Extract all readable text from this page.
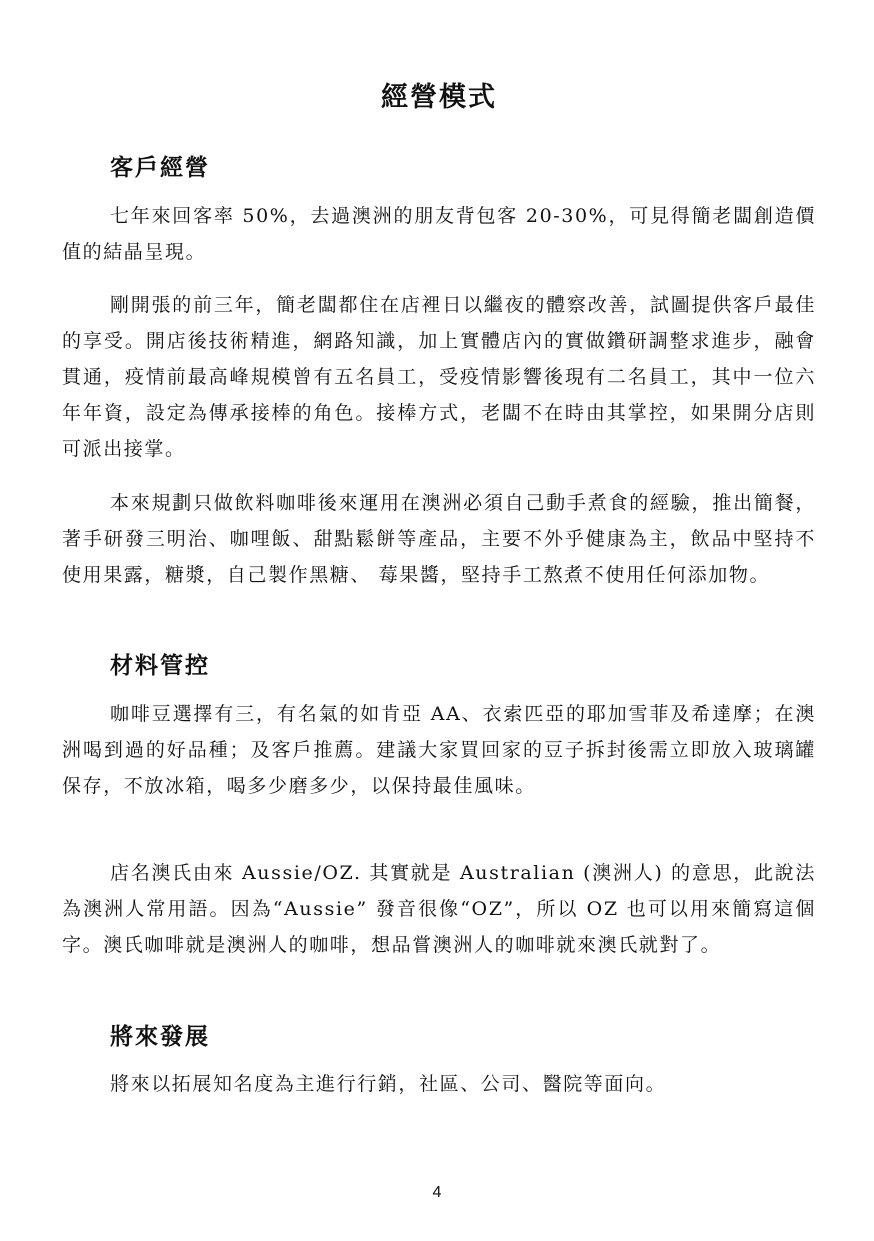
經營模式
客戶經營
七年來回客率 50%，去過澳洲的朋友背包客 20-30%，可見得簡老闆創造價值的結晶呈現。
剛開張的前三年，簡老闆都住在店裡日以繼夜的體察改善，試圖提供客戶最佳的享受。開店後技術精進，網路知識，加上實體店內的實做鑽研調整求進步，融會貫通，疫情前最高峰規模曾有五名員工，受疫情影響後現有二名員工，其中一位六年年資，設定為傳承接棒的角色。接棒方式，老闆不在時由其掌控，如果開分店則可派出接掌。
本來規劃只做飲料咖啡後來運用在澳洲必須自己動手煮食的經驗，推出簡餐，著手研發三明治、咖哩飯、甜點鬆餅等產品，主要不外乎健康為主，飲品中堅持不使用果露，糖漿，自己製作黑糖、 莓果醬，堅持手工熬煮不使用任何添加物。
材料管控
咖啡豆選擇有三，有名氣的如肯亞 AA、衣索匹亞的耶加雪菲及希達摩；在澳洲喝到過的好品種；及客戶推薦。建議大家買回家的豆子拆封後需立即放入玻璃罐保存，不放冰箱，喝多少磨多少，以保持最佳風味。
店名澳氏由來 Aussie/OZ. 其實就是 Australian (澳洲人) 的意思，此說法為澳洲人常用語。因為“Aussie” 發音很像“OZ”，所以 OZ 也可以用來簡寫這個字。澳氏咖啡就是澳洲人的咖啡，想品嘗澳洲人的咖啡就來澳氏就對了。
將來發展
將來以拓展知名度為主進行行銷，社區、公司、醫院等面向。
4
